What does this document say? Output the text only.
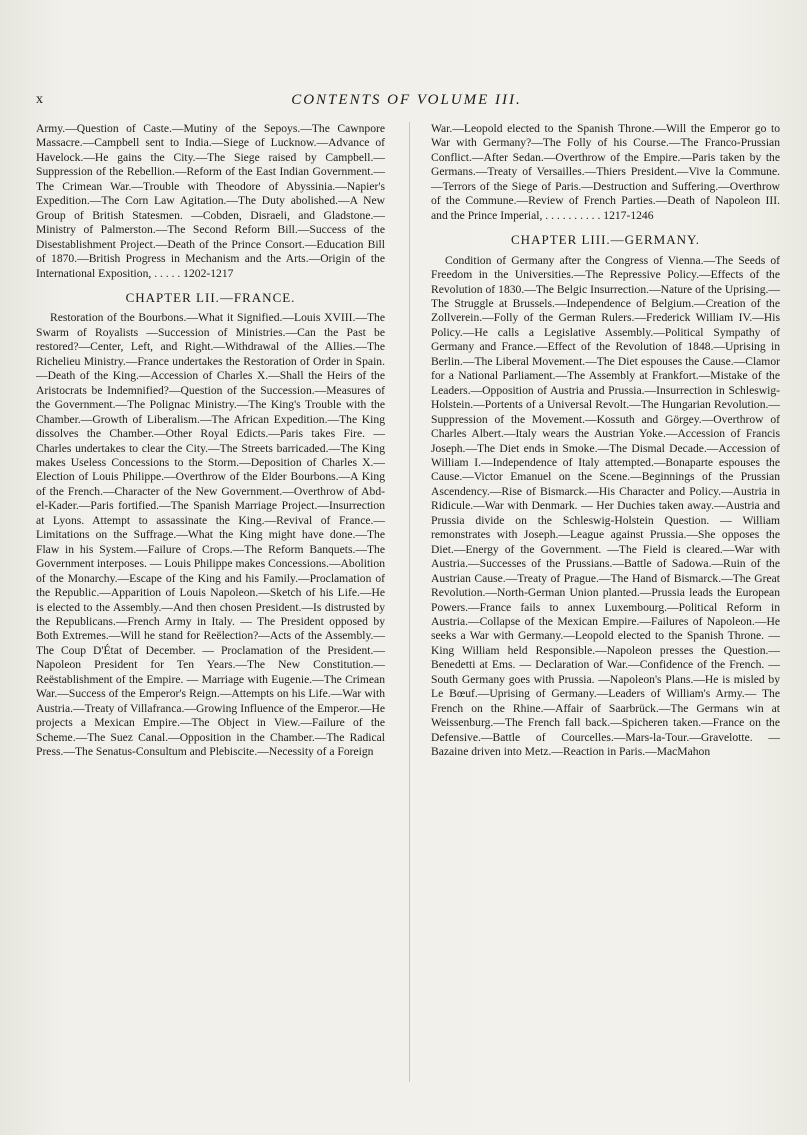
x	CONTENTS OF VOLUME III.

Army.—Question of Caste.—Mutiny of the Sepoys.—The Cawnpore Massacre.—Campbell sent to India.—Siege of Lucknow.—Advance of Havelock.—He gains the City.—The Siege raised by Campbell.—Suppression of the Rebellion.—Reform of the East Indian Government.—The Crimean War.—Trouble with Theodore of Abyssinia.—Napier's Expedition.—The Corn Law Agitation.—The Duty abolished.—A New Group of British Statesmen. —Cobden, Disraeli, and Gladstone.—Ministry of Palmerston.—The Second Reform Bill.—Success of the Disestablishment Project.—Death of the Prince Consort.—Education Bill of 1870.—British Progress in Mechanism and the Arts.—Origin of the International Exposition, . . . . . 1202-1217

CHAPTER LII.—FRANCE.

Restoration of the Bourbons.—What it Signified.—Louis XVIII.—The Swarm of Royalists —Succession of Ministries.—Can the Past be restored?—Center, Left, and Right.—Withdrawal of the Allies.—The Richelieu Ministry.—France undertakes the Restoration of Order in Spain.—Death of the King.—Accession of Charles X.—Shall the Heirs of the Aristocrats be Indemnified?—Question of the Succession.—Measures of the Government.—The Polignac Ministry.—The King's Trouble with the Chamber.—Growth of Liberalism.—The African Expedition.—The King dissolves the Chamber.—Other Royal Edicts.—Paris takes Fire. — Charles undertakes to clear the City.—The Streets barricaded.—The King makes Useless Concessions to the Storm.—Deposition of Charles X.—Election of Louis Philippe.—Overthrow of the Elder Bourbons.—A King of the French.—Character of the New Government.—Overthrow of Abd-el-Kader.—Paris fortified.—The Spanish Marriage Project.—Insurrection at Lyons. Attempt to assassinate the King.—Revival of France.—Limitations on the Suffrage.—What the King might have done.—The Flaw in his System.—Failure of Crops.—The Reform Banquets.—The Government interposes. — Louis Philippe makes Concessions.—Abolition of the Monarchy.—Escape of the King and his Family.—Proclamation of the Republic.—Apparition of Louis Napoleon.—Sketch of his Life.—He is elected to the Assembly.—And then chosen President.—Is distrusted by the Republicans.—French Army in Italy. — The President opposed by Both Extremes.—Will he stand for Reëlection?—Acts of the Assembly.—The Coup D'État of December. — Proclamation of the President.— Napoleon President for Ten Years.—The New Constitution.—Reëstablishment of the Empire. — Marriage with Eugenie.—The Crimean War.—Success of the Emperor's Reign.—Attempts on his Life.—War with Austria.—Treaty of Villafranca.—Growing Influence of the Emperor.—He projects a Mexican Empire.—The Object in View.—Failure of the Scheme.—The Suez Canal.—Opposition in the Chamber.—The Radical Press.—The Senatus-Consultum and Plebiscite.—Necessity of a Foreign

War.—Leopold elected to the Spanish Throne.—Will the Emperor go to War with Germany?—The Folly of his Course.—The Franco-Prussian Conflict.—After Sedan.—Overthrow of the Empire.—Paris taken by the Germans.—Treaty of Versailles.—Thiers President.—Vive la Commune.—Terrors of the Siege of Paris.—Destruction and Suffering.—Overthrow of the Commune.—Review of French Parties.—Death of Napoleon III. and the Prince Imperial, . . . . . . . . . . 1217-1246

CHAPTER LIII.—GERMANY.

Condition of Germany after the Congress of Vienna.—The Seeds of Freedom in the Universities.—The Repressive Policy.—Effects of the Revolution of 1830.—The Belgic Insurrection.—Nature of the Uprising.—The Struggle at Brussels.—Independence of Belgium.—Creation of the Zollverein.—Folly of the German Rulers.—Frederick William IV.—His Policy.—He calls a Legislative Assembly.—Political Sympathy of Germany and France.—Effect of the Revolution of 1848.—Uprising in Berlin.—The Liberal Movement.—The Diet espouses the Cause.—Clamor for a National Parliament.—The Assembly at Frankfort.—Mistake of the Leaders.—Opposition of Austria and Prussia.—Insurrection in Schleswig-Holstein.—Portents of a Universal Revolt.—The Hungarian Revolution.—Suppression of the Movement.—Kossuth and Görgey.—Overthrow of Charles Albert.—Italy wears the Austrian Yoke.—Accession of Francis Joseph.—The Diet ends in Smoke.—The Dismal Decade.—Accession of William I.—Independence of Italy attempted.—Bonaparte espouses the Cause.—Victor Emanuel on the Scene.—Beginnings of the Prussian Ascendency.—Rise of Bismarck.—His Character and Policy.—Austria in Ridicule.—War with Denmark. — Her Duchies taken away.—Austria and Prussia divide on the Schleswig-Holstein Question. — William remonstrates with Joseph.—League against Prussia.—She opposes the Diet.—Energy of the Government. —The Field is cleared.—War with Austria.—Successes of the Prussians.—Battle of Sadowa.—Ruin of the Austrian Cause.—Treaty of Prague.—The Hand of Bismarck.—The Great Revolution.—North-German Union planted.—Prussia leads the European Powers.—France fails to annex Luxembourg.—Political Reform in Austria.—Collapse of the Mexican Empire.—Failures of Napoleon.—He seeks a War with Germany.—Leopold elected to the Spanish Throne. —King William held Responsible.—Napoleon presses the Question.— Benedetti at Ems. — Declaration of War.—Confidence of the French. — South Germany goes with Prussia. —Napoleon's Plans.—He is misled by Le Bœuf.—Uprising of Germany.—Leaders of William's Army.— The French on the Rhine.—Affair of Saarbrück.—The Germans win at Weissenburg.—The French fall back.—Spicheren taken.—France on the Defensive.—Battle of Courcelles.—Mars-la-Tour.—Gravelotte. — Bazaine driven into Metz.—Reaction in Paris.—MacMahon
